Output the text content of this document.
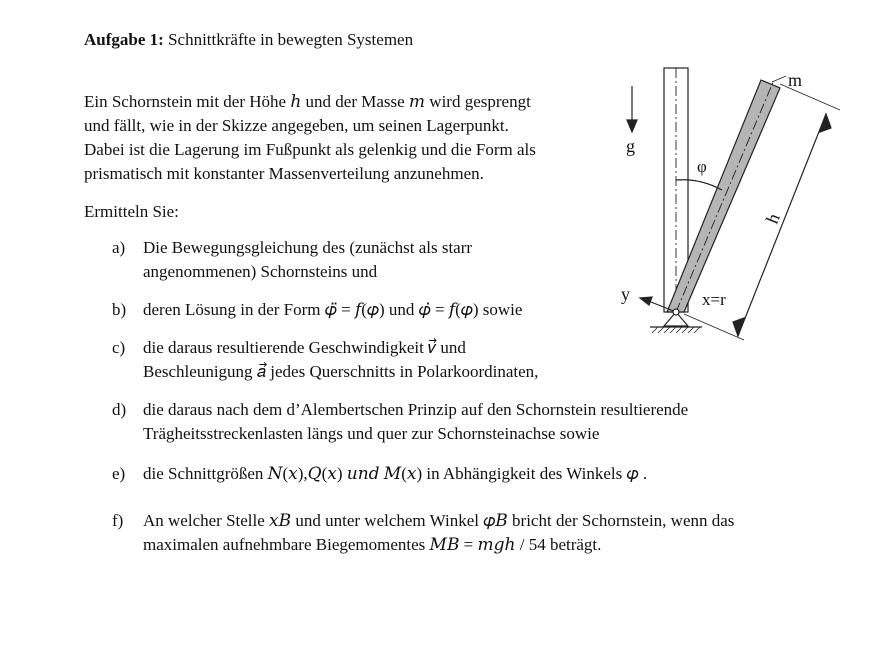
Aufgabe 1: Schnittkräfte in bewegten Systemen
Ein Schornstein mit der Höhe ℎ und der Masse 𝑚 wird gesprengt
und fällt, wie in der Skizze angegeben, um seinen Lagerpunkt.
Dabei ist die Lagerung im Fußpunkt als gelenkig und die Form als
prismatisch mit konstanter Massenverteilung anzunehmen.
Ermitteln Sie:
a)	Die Bewegungsgleichung des (zunächst als starr
angenommenen) Schornsteins und
b) deren Lösung in der Form 𝜑̈ = 𝑓(𝜑) und 𝜑̇ = 𝑓(𝜑) sowie
c)	die daraus resultierende Geschwindigkeit 𝑣⃗ und
Beschleunigung 𝑎⃗ jedes Querschnitts in Polarkoordinaten,
d) die daraus nach dem d’Alembertschen Prinzip auf den Schornstein resultierende
Trägheitsstreckenlasten längs und quer zur Schornsteinachse sowie
e)	die Schnittgrößen 𝑁(𝑥),𝑄(𝑥) 𝑢𝑛𝑑 𝑀(𝑥) in Abhängigkeit des Winkels 𝜑 .
f)	An welcher Stelle 𝑥𝐵 und unter welchem Winkel 𝜑𝐵 bricht der Schornstein, wenn das
maximalen aufnehmbare Biegemomentes 𝑀𝐵 = 𝑚𝑔ℎ / 54 beträgt.
m
g
φ
h
y	x=r
